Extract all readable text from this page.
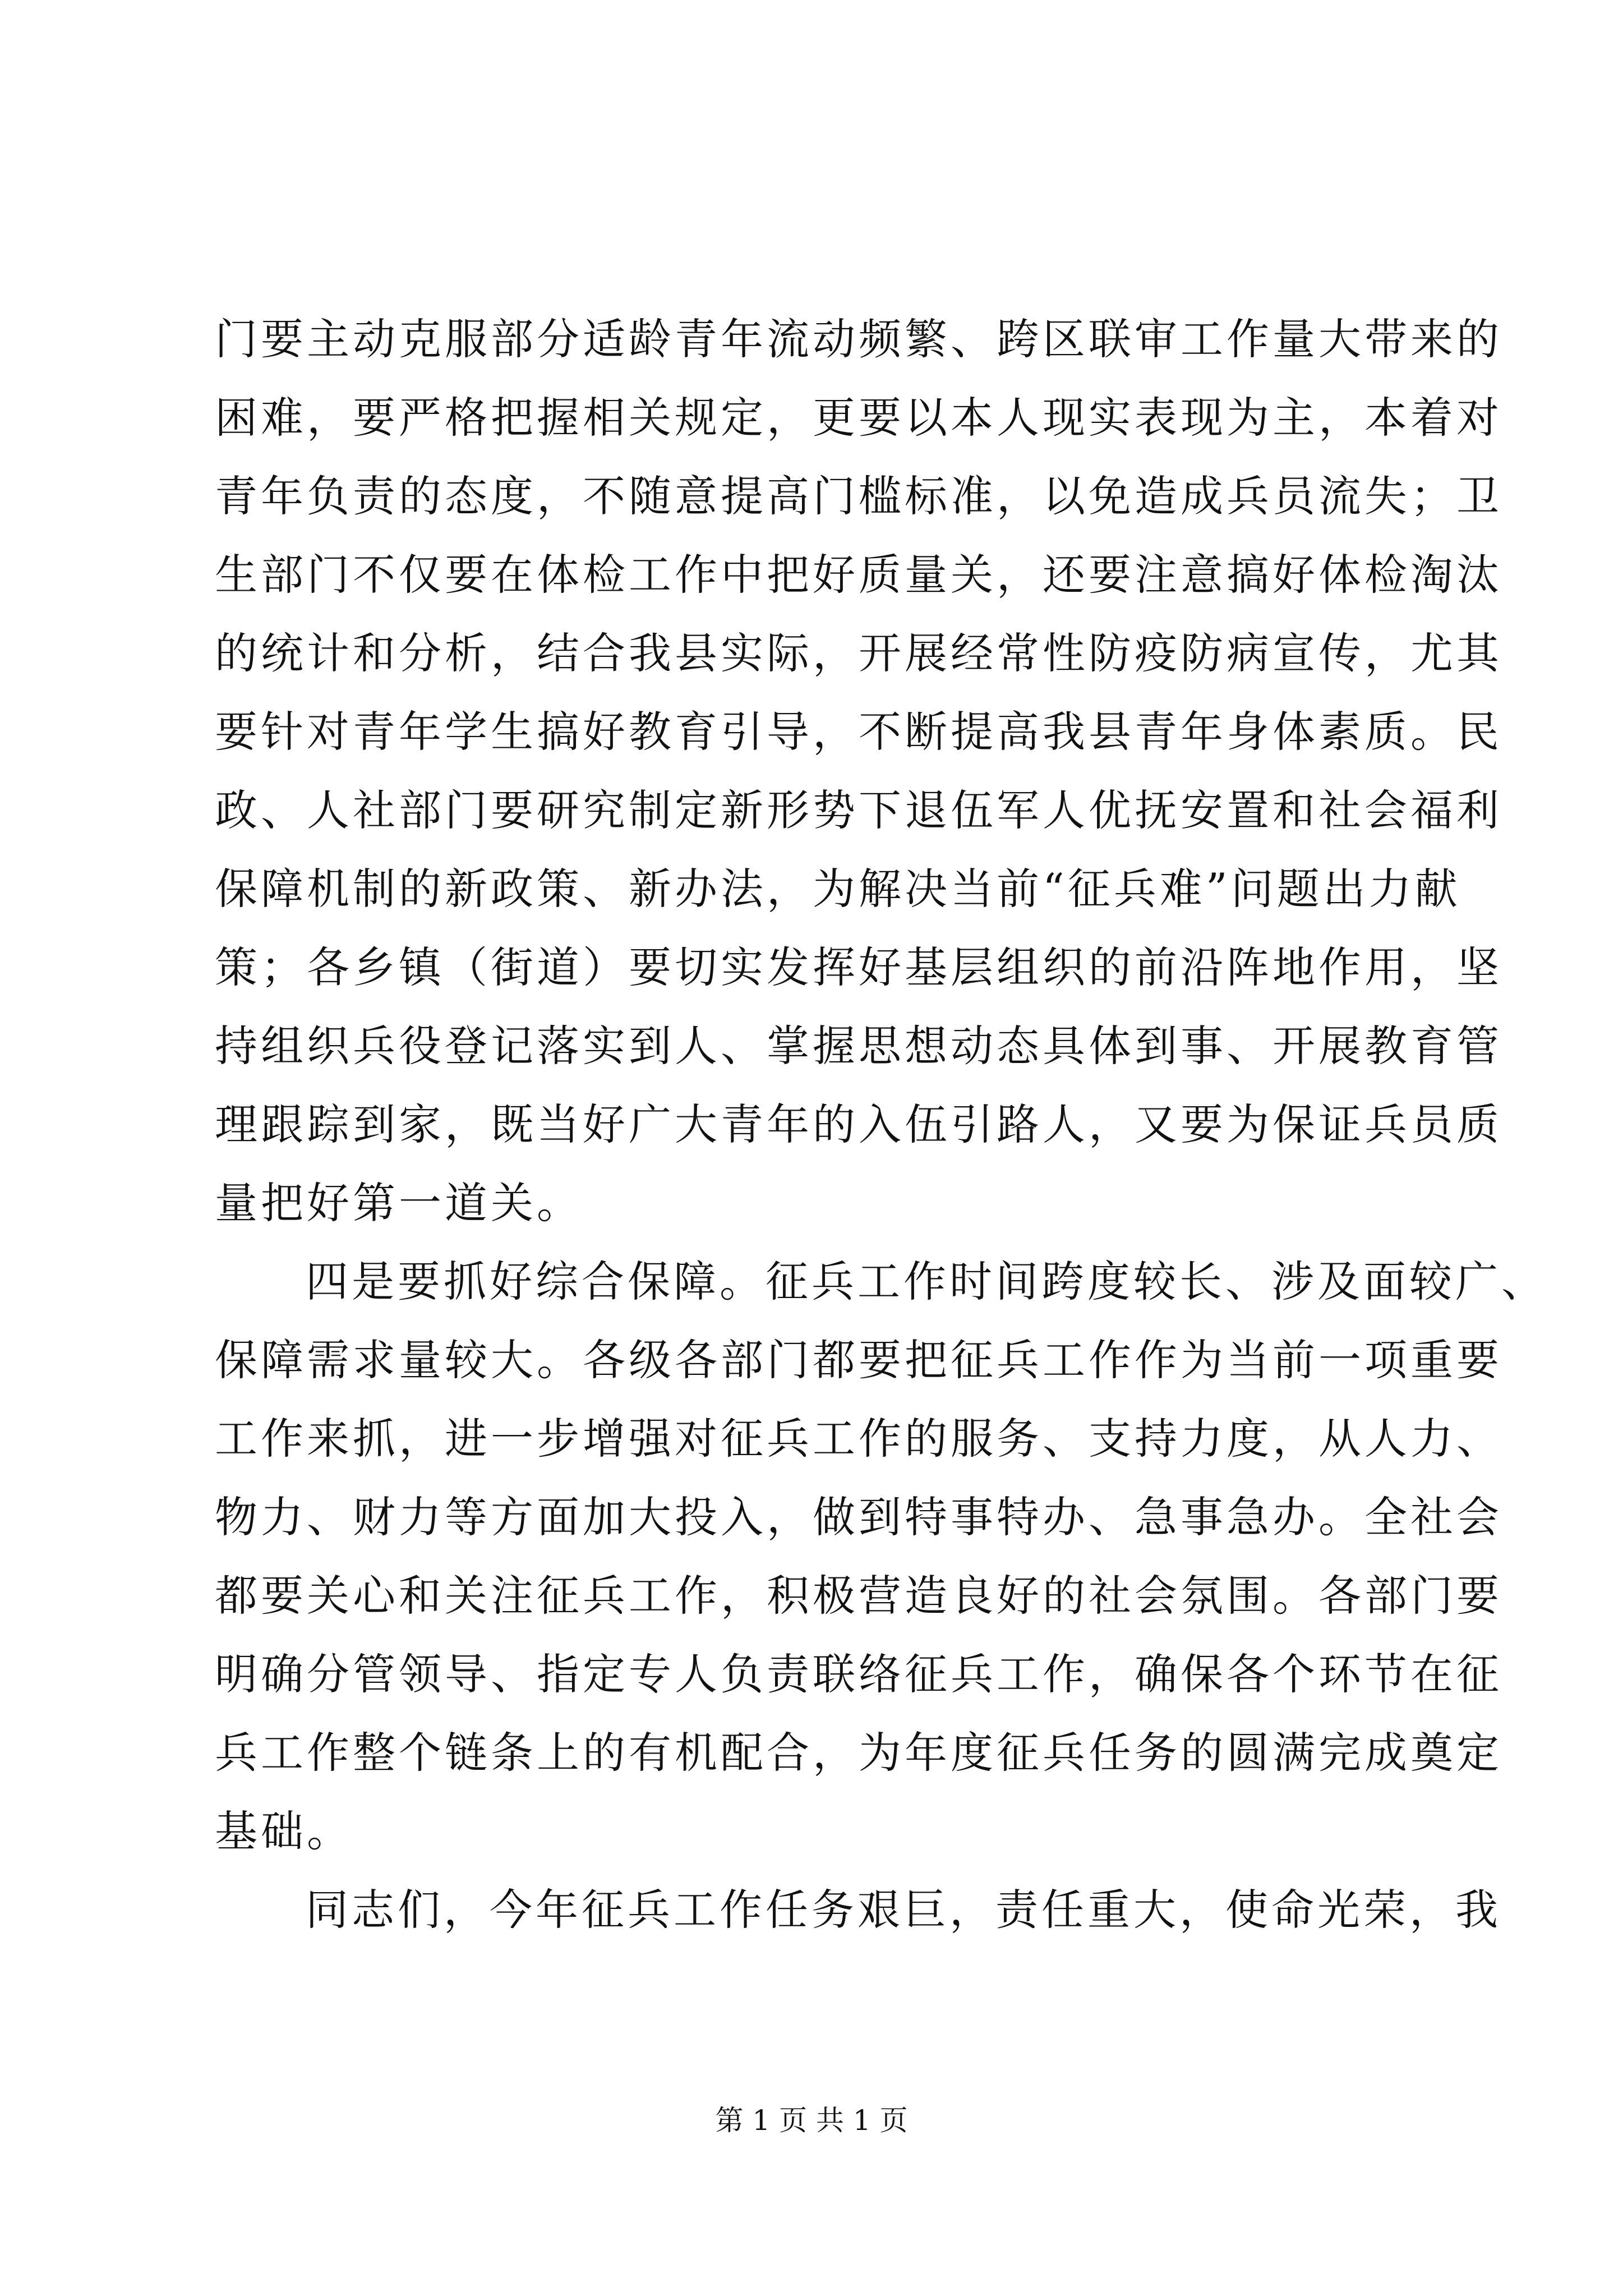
门要主动克服部分适龄青年流动频繁、跨区联审工作量大带来的
困难，要严格把握相关规定，更要以本人现实表现为主，本着对
青年负责的态度，不随意提高门槛标准，以免造成兵员流失；卫
生部门不仅要在体检工作中把好质量关，还要注意搞好体检淘汰
的统计和分析，结合我县实际，开展经常性防疫防病宣传，尤其
要针对青年学生搞好教育引导，不断提高我县青年身体素质。民
政、人社部门要研究制定新形势下退伍军人优抚安置和社会福利
保障机制的新政策、新办法，为解决当前“征兵难”问题出力献
策；各乡镇（街道）要切实发挥好基层组织的前沿阵地作用，坚
持组织兵役登记落实到人、掌握思想动态具体到事、开展教育管
理跟踪到家，既当好广大青年的入伍引路人，又要为保证兵员质
量把好第一道关。
四是要抓好综合保障。征兵工作时间跨度较长、涉及面较广、
保障需求量较大。各级各部门都要把征兵工作作为当前一项重要
工作来抓，进一步增强对征兵工作的服务、支持力度，从人力、
物力、财力等方面加大投入，做到特事特办、急事急办。全社会
都要关心和关注征兵工作，积极营造良好的社会氛围。各部门要
明确分管领导、指定专人负责联络征兵工作，确保各个环节在征
兵工作整个链条上的有机配合，为年度征兵任务的圆满完成奠定
基础。
同志们，今年征兵工作任务艰巨，责任重大，使命光荣，我
第 1 页 共 1 页
